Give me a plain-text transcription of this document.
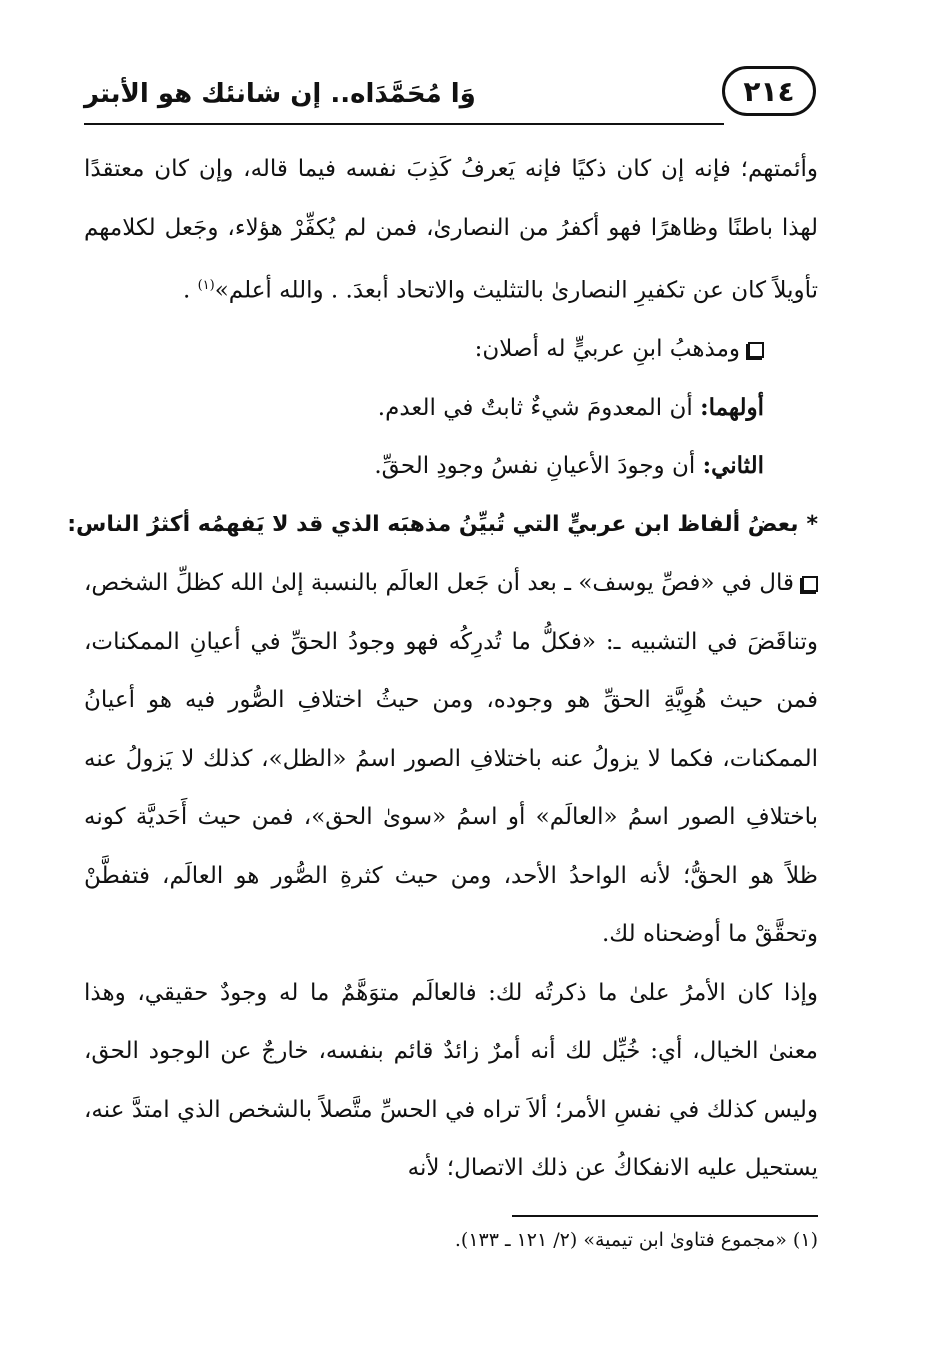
وَا مُحَمَّدَاه.. إن شانئك هو الأبتر	٢١٤

وأئمتهم؛ فإنه إن كان ذكيًا فإنه يَعرفُ كَذِبَ نفسه فيما قاله، وإن كان معتقدًا لهذا باطنًا وظاهرًا فهو أكفرُ من النصارىٰ، فمن لم يُكفِّرْ هؤلاء، وجَعل لكلامهم تأويلاً كان عن تكفيرِ النصارىٰ بالتثليث والاتحاد أبعدَ. . والله أعلم»$^{(١)}$ .

ومذهبُ ابنِ عربيٍّ له أصلان:

أولهما: أن المعدومَ شيءٌ ثابتٌ في العدم.

الثاني: أن وجودَ الأعيانِ نفسُ وجودِ الحقِّ.

*بعضُ ألفاظ ابن عربيٍّ التي تُبيِّنُ مذهبَه الذي قد لا يَفهمُه أكثرُ الناس:

قال في «فصِّ يوسف» ـ بعد أن جَعل العالَم بالنسبة إلىٰ الله كظلِّ الشخص، وتناقَضَ في التشبيه ـ: «فكلُّ ما تُدرِكُه فهو وجودُ الحقِّ في أعيانِ الممكنات، فمن حيث هُوِيَّةِ الحقِّ هو وجوده، ومن حيثُ اختلافِ الصُّور فيه هو أعيانُ الممكنات، فكما لا يزولُ عنه باختلافِ الصور اسمُ «الظل»، كذلك لا يَزولُ عنه باختلافِ الصور اسمُ «العالَم» أو اسمُ «سوىٰ الحق»، فمن حيث أَحَديَّة كونه ظلاً هو الحقُّ؛ لأنه الواحدُ الأحد، ومن حيث كثرةِ الصُّور هو العالَم، فتفطَّنْ وتحقَّقْ ما أوضحناه لك.

وإذا كان الأمرُ علىٰ ما ذكرتُه لك: فالعالَم متوَهَّمٌ ما له وجودٌ حقيقي، وهذا معنىٰ الخيال، أي: خُيِّل لك أنه أمرٌ زائدٌ قائم بنفسه، خارجٌ عن الوجود الحق، وليس كذلك في نفسِ الأمر؛ ألاَ تراه في الحسِّ متَّصلاً بالشخص الذي امتدَّ عنه، يستحيل عليه الانفكاكُ عن ذلك الاتصال؛ لأنه

(١) «مجموع فتاوىٰ ابن تيمية» (٢/ ١٢١ ـ ١٣٣).
